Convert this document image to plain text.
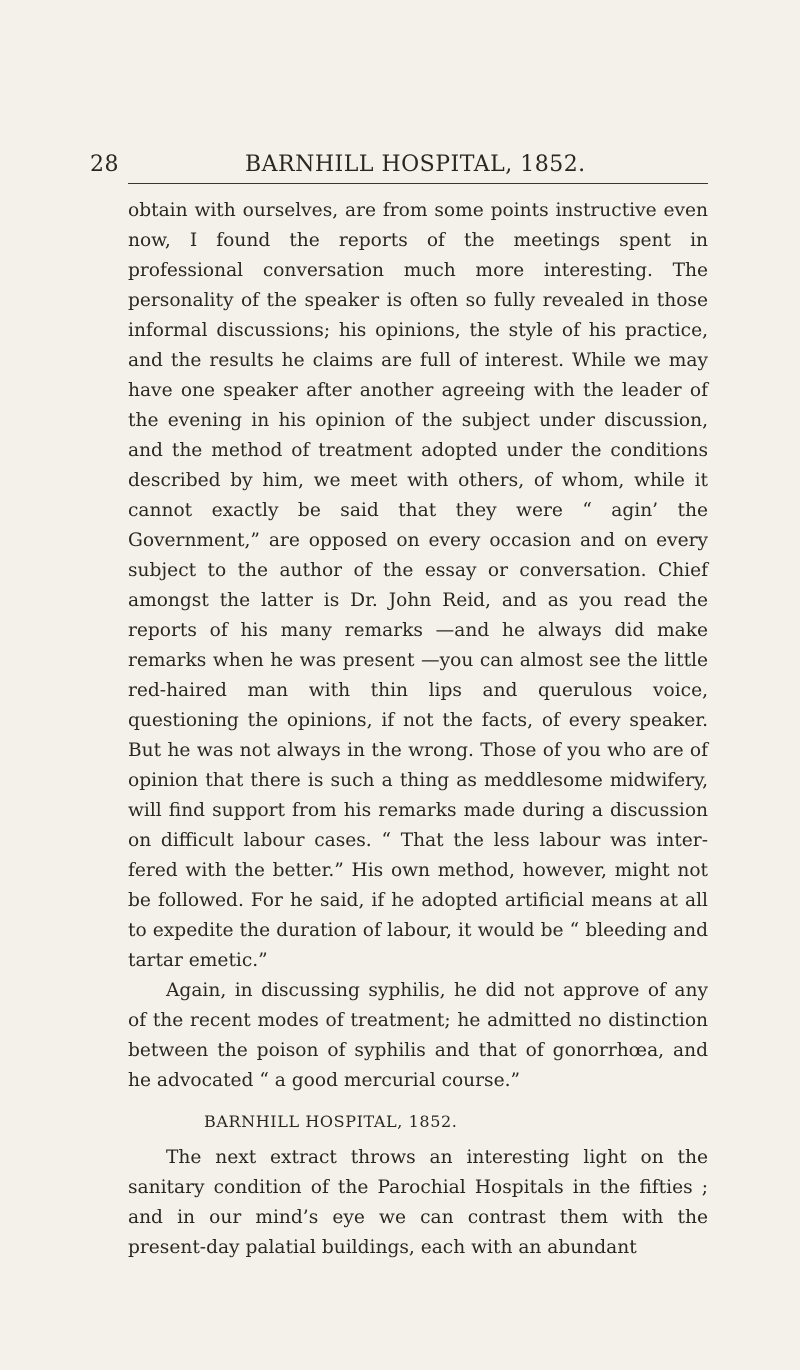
28	BARNHILL HOSPITAL, 1852.

obtain with ourselves, are from some points instructive even now, I found the reports of the meetings spent in professional conversation much more interesting. The personality of the speaker is often so fully revealed in those informal discussions; his opinions, the style of his practice, and the results he claims are full of interest. While we may have one speaker after another agreeing with the leader of the evening in his opinion of the subject under discussion, and the method of treatment adopted under the conditions described by him, we meet with others, of whom, while it cannot exactly be said that they were “ agin’ the Government,” are opposed on every occasion and on every subject to the author of the essay or conversation. Chief amongst the latter is Dr. John Reid, and as you read the reports of his many remarks —and he always did make remarks when he was present —you can almost see the little red-haired man with thin lips and querulous voice, questioning the opinions, if not the facts, of every speaker. But he was not always in the wrong. Those of you who are of opinion that there is such a thing as meddlesome midwifery, will find support from his remarks made during a discussion on difficult labour cases. “ That the less labour was interfered with the better.” His own method, however, might not be followed. For he said, if he adopted artificial means at all to expedite the duration of labour, it would be “ bleeding and tartar emetic.”

Again, in discussing syphilis, he did not approve of any of the recent modes of treatment; he admitted no distinction between the poison of syphilis and that of gonorrhœa, and he advocated “ a good mercurial course.”

BARNHILL HOSPITAL, 1852.

The next extract throws an interesting light on the sanitary condition of the Parochial Hospitals in the fifties ; and in our mind’s eye we can contrast them with the present-day palatial buildings, each with an abundant
